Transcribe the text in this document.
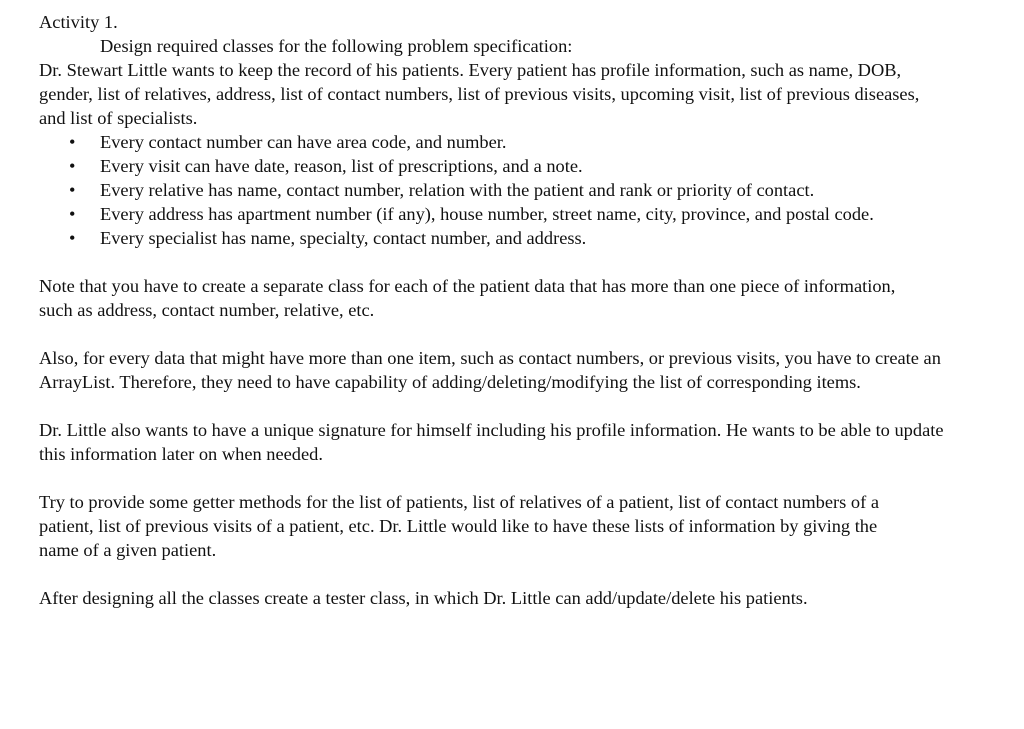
Activity 1.

Design required classes for the following problem specification:

Dr. Stewart Little wants to keep the record of his patients. Every patient has profile information, such as name, DOB, gender, list of relatives, address, list of contact numbers, list of previous visits, upcoming visit, list of previous diseases, and list of specialists.

• Every contact number can have area code, and number.
• Every visit can have date, reason, list of prescriptions, and a note.
• Every relative has name, contact number, relation with the patient and rank or priority of contact.
• Every address has apartment number (if any), house number, street name, city, province, and postal code.
• Every specialist has name, specialty, contact number, and address.

Note that you have to create a separate class for each of the patient data that has more than one piece of information, such as address, contact number, relative, etc.

Also, for every data that might have more than one item, such as contact numbers, or previous visits, you have to create an ArrayList. Therefore, they need to have capability of adding/deleting/modifying the list of corresponding items.

Dr. Little also wants to have a unique signature for himself including his profile information. He wants to be able to update this information later on when needed.

Try to provide some getter methods for the list of patients, list of relatives of a patient, list of contact numbers of a patient, list of previous visits of a patient, etc. Dr. Little would like to have these lists of information by giving the name of a given patient.

After designing all the classes create a tester class, in which Dr. Little can add/update/delete his patients.
